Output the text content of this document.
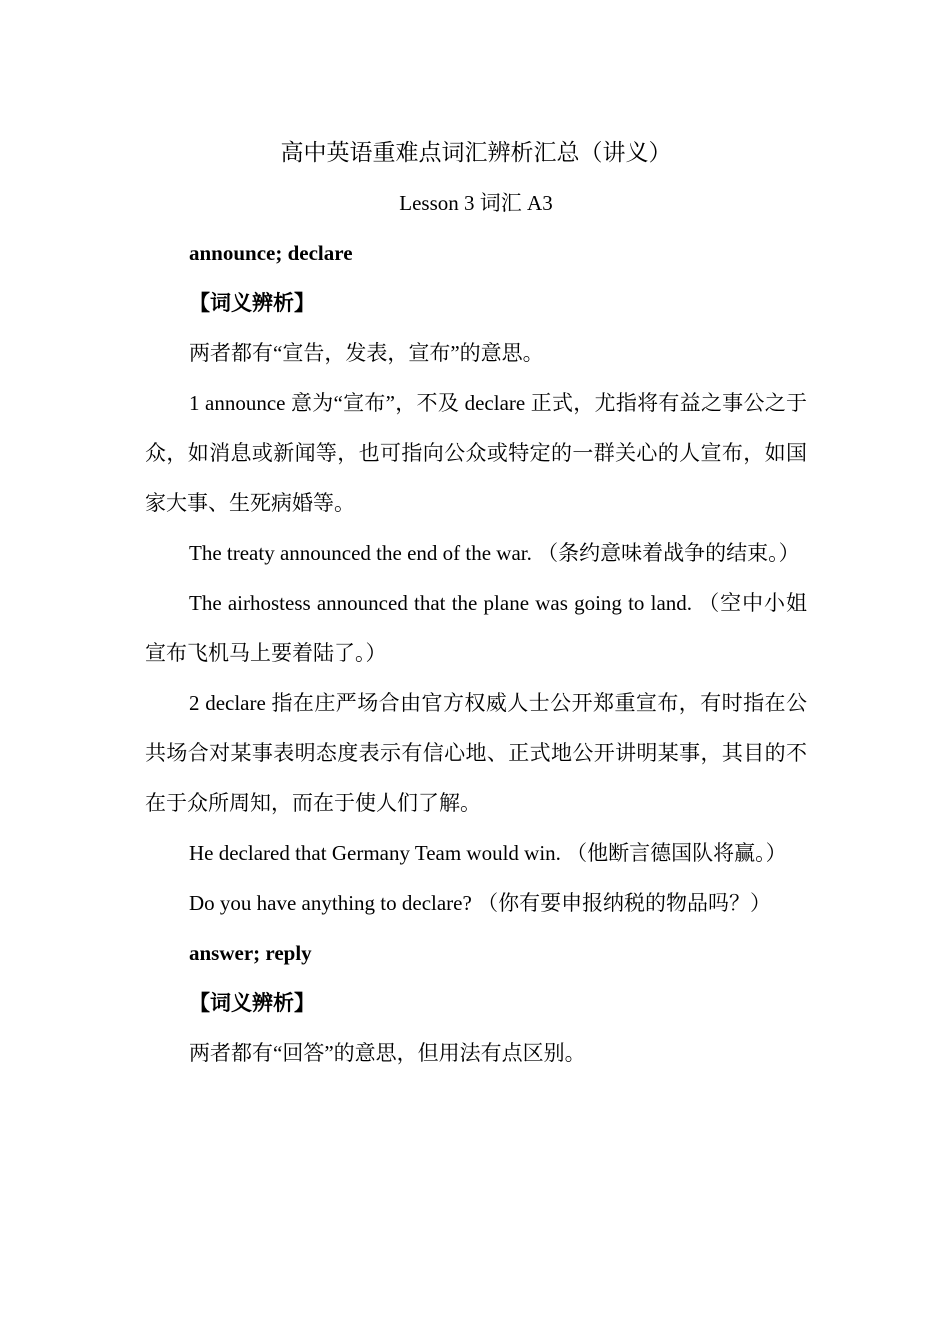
高中英语重难点词汇辨析汇总（讲义）

Lesson 3 词汇 A3

announce; declare

【词义辨析】

两者都有“宣告，发表，宣布”的意思。

1 announce 意为“宣布”，不及 declare 正式，尤指将有益之事公之于众，如消息或新闻等，也可指向公众或特定的一群关心的人宣布，如国家大事、生死病婚等。

The treaty announced the end of the war. （条约意味着战争的结束。）

The airhostess announced that the plane was going to land. （空中小姐宣布飞机马上要着陆了。）

2 declare 指在庄严场合由官方权威人士公开郑重宣布，有时指在公共场合对某事表明态度表示有信心地、正式地公开讲明某事，其目的不在于众所周知，而在于使人们了解。

He declared that Germany Team would win. （他断言德国队将赢。）

Do you have anything to declare? （你有要申报纳税的物品吗？）

answer; reply

【词义辨析】

两者都有“回答”的意思，但用法有点区别。
